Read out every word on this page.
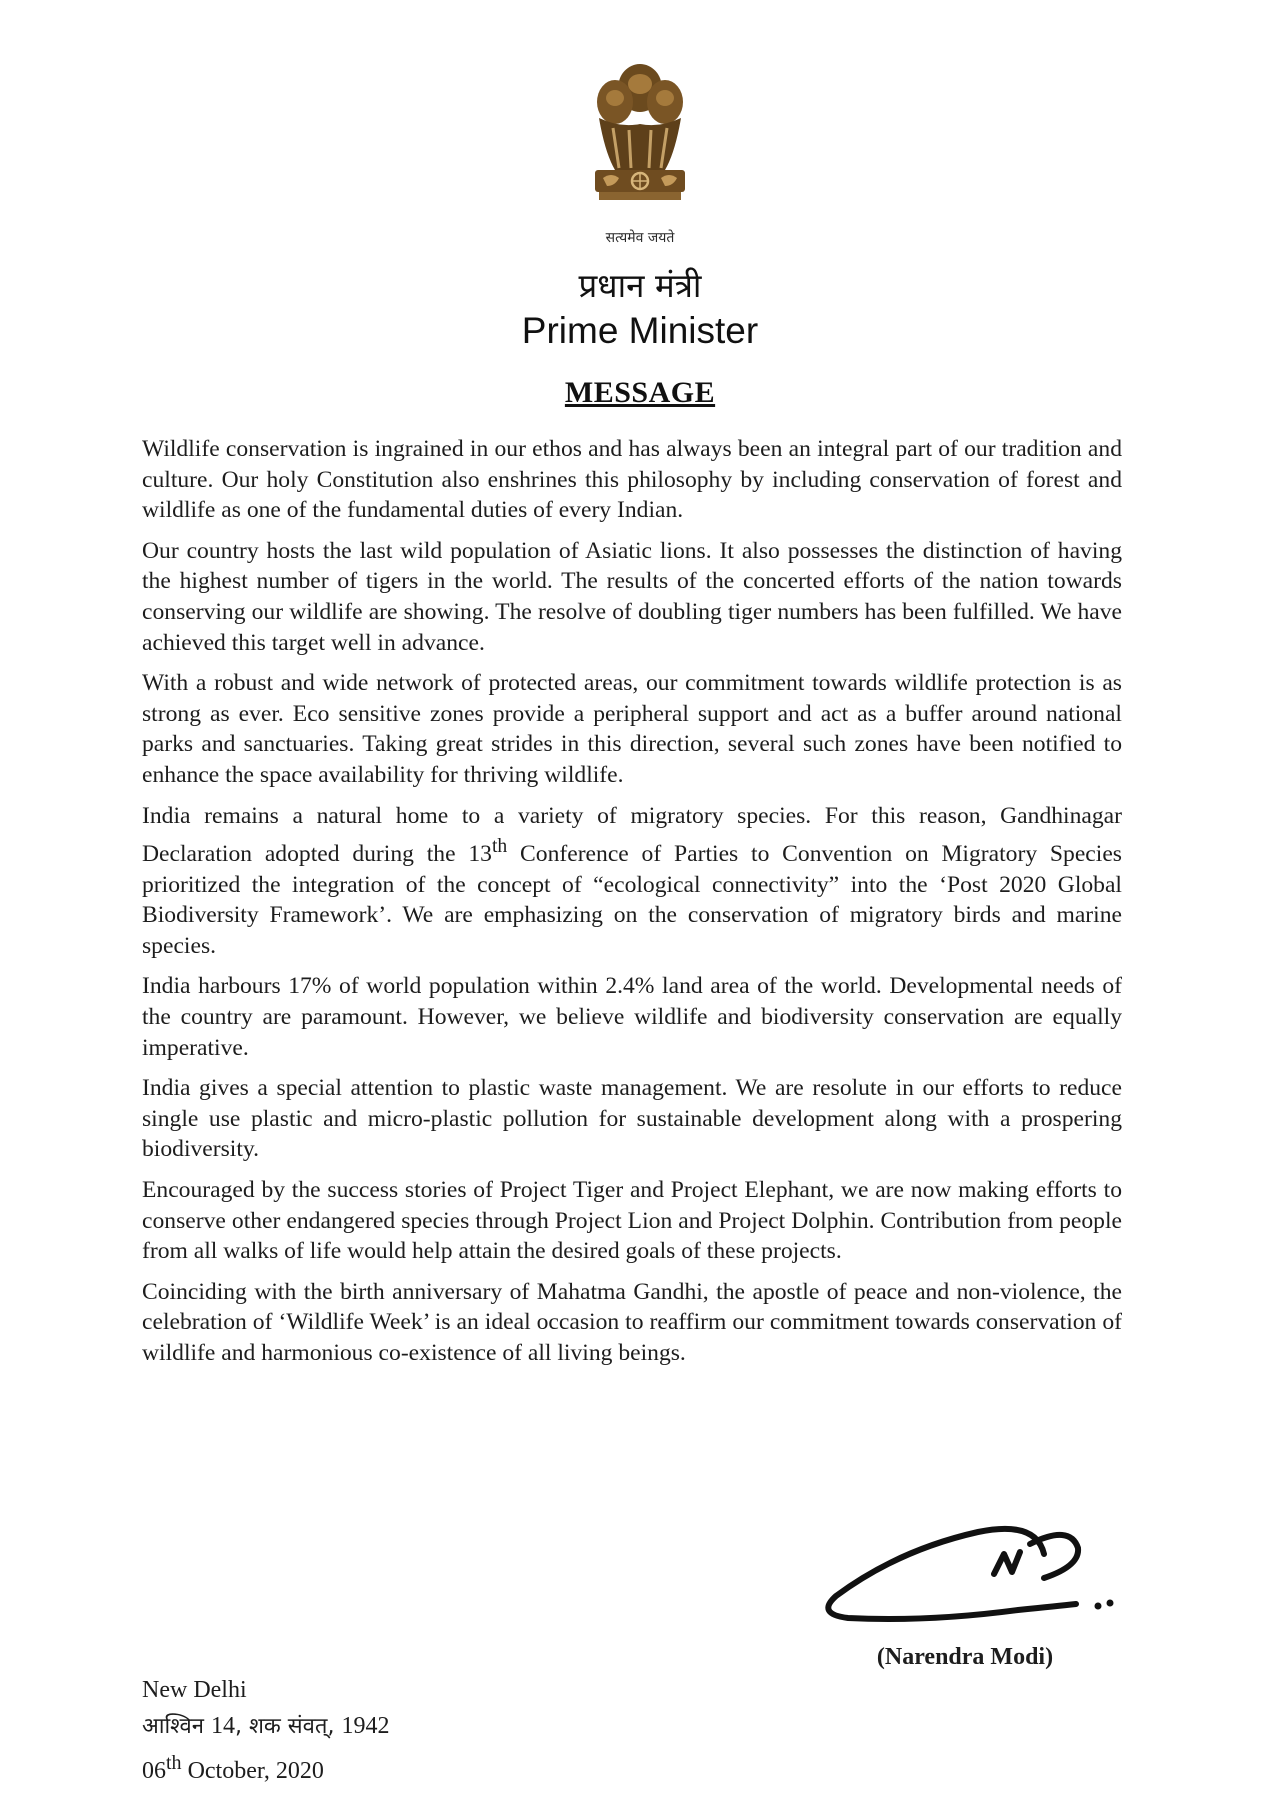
सत्यमेव जयते
प्रधान मंत्री
Prime Minister
MESSAGE

Wildlife conservation is ingrained in our ethos and has always been an integral part of our tradition and culture. Our holy Constitution also enshrines this philosophy by including conservation of forest and wildlife as one of the fundamental duties of every Indian.

Our country hosts the last wild population of Asiatic lions. It also possesses the distinction of having the highest number of tigers in the world. The results of the concerted efforts of the nation towards conserving our wildlife are showing. The resolve of doubling tiger numbers has been fulfilled. We have achieved this target well in advance.

With a robust and wide network of protected areas, our commitment towards wildlife protection is as strong as ever. Eco sensitive zones provide a peripheral support and act as a buffer around national parks and sanctuaries. Taking great strides in this direction, several such zones have been notified to enhance the space availability for thriving wildlife.

India remains a natural home to a variety of migratory species. For this reason, Gandhinagar Declaration adopted during the 13th Conference of Parties to Convention on Migratory Species prioritized the integration of the concept of “ecological connectivity” into the ‘Post 2020 Global Biodiversity Framework’. We are emphasizing on the conservation of migratory birds and marine species.

India harbours 17% of world population within 2.4% land area of the world. Developmental needs of the country are paramount. However, we believe wildlife and biodiversity conservation are equally imperative.

India gives a special attention to plastic waste management. We are resolute in our efforts to reduce single use plastic and micro-plastic pollution for sustainable development along with a prospering biodiversity.

Encouraged by the success stories of Project Tiger and Project Elephant, we are now making efforts to conserve other endangered species through Project Lion and Project Dolphin. Contribution from people from all walks of life would help attain the desired goals of these projects.

Coinciding with the birth anniversary of Mahatma Gandhi, the apostle of peace and non-violence, the celebration of ‘Wildlife Week’ is an ideal occasion to reaffirm our commitment towards conservation of wildlife and harmonious co-existence of all living beings.

(Narendra Modi)
New Delhi
आश्विन 14, शक संवत्, 1942
06th October, 2020
